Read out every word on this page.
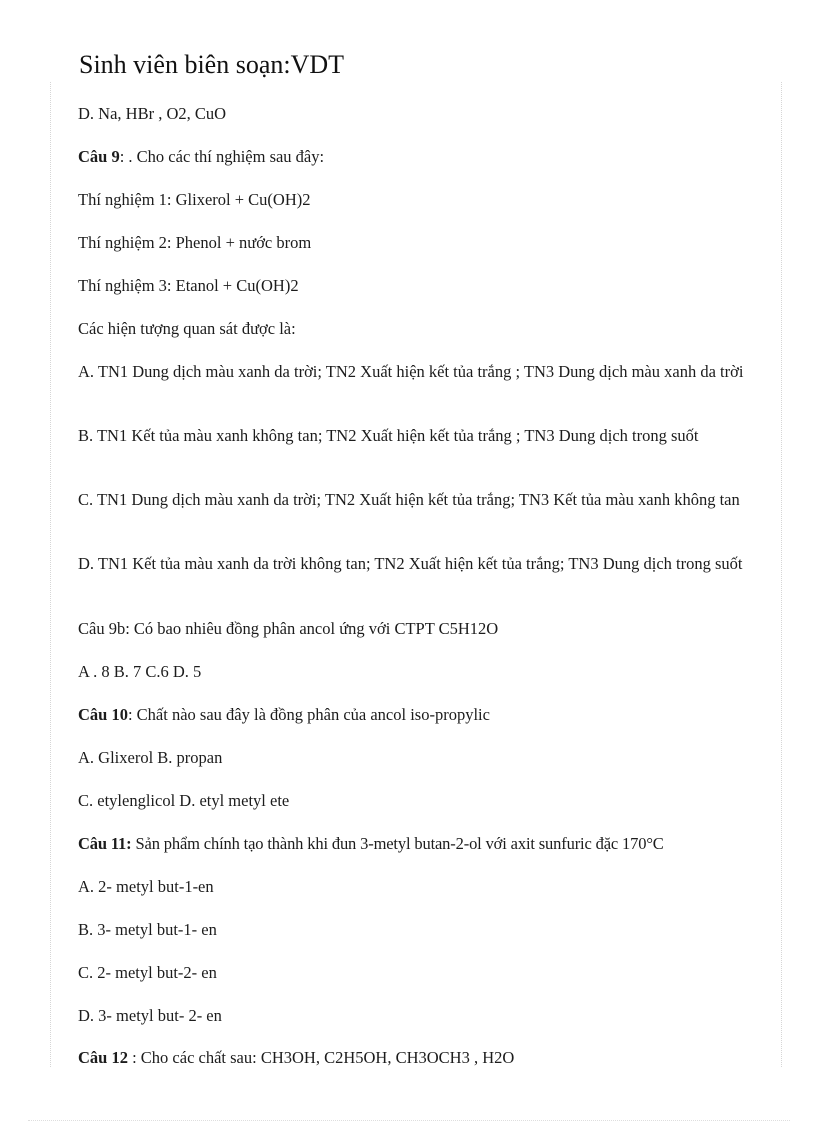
Sinh viên biên soạn:VDT
D. Na, HBr , O2, CuO
Câu 9: . Cho các thí nghiệm sau đây:
Thí nghiệm 1: Glixerol + Cu(OH)2
Thí nghiệm 2: Phenol + nước brom
Thí nghiệm 3: Etanol + Cu(OH)2
Các hiện tượng quan sát được là:
A. TN1 Dung dịch màu xanh da trời; TN2 Xuất hiện kết tủa trắng ; TN3 Dung dịch màu xanh da trời
B. TN1 Kết tủa màu xanh không tan; TN2 Xuất hiện kết tủa trắng ; TN3 Dung dịch trong suốt
C. TN1 Dung dịch màu xanh da trời; TN2 Xuất hiện kết tủa trắng; TN3 Kết tủa màu xanh không tan
D. TN1 Kết tủa màu xanh da trời không tan; TN2 Xuất hiện kết tủa trắng; TN3 Dung dịch trong suốt
Câu 9b: Có bao nhiêu đồng phân ancol ứng với CTPT C5H12O
A . 8 B. 7 C.6 D. 5
Câu 10: Chất nào sau đây là đồng phân của ancol iso-propylic
A. Glixerol B. propan
C. etylenglicol D. etyl metyl ete
Câu 11: Sản phẩm chính tạo thành khi đun 3-metyl butan-2-ol với axit sunfuric đặc 170°C
A. 2- metyl but-1-en
B. 3- metyl but-1- en
C. 2- metyl but-2- en
D. 3- metyl but- 2- en
Câu 12 : Cho các chất sau: CH3OH, C2H5OH, CH3OCH3 , H2O
